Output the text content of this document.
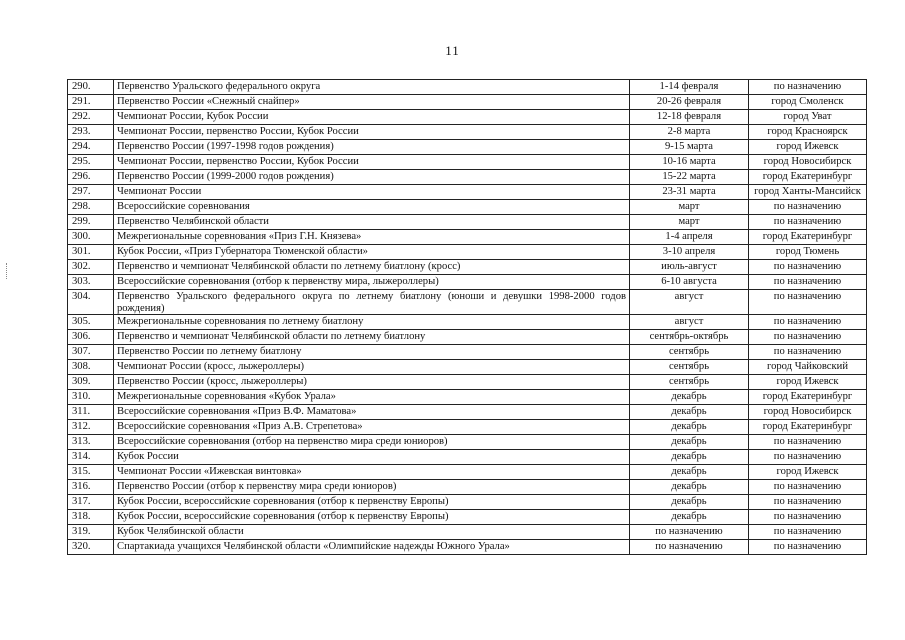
11
290.	Первенство Уральского федерального округа	1-14 февраля	по назначению
291.	Первенство России «Снежный снайпер»	20-26 февраля	город Смоленск
292.	Чемпионат России, Кубок России	12-18 февраля	город Уват
293.	Чемпионат России, первенство России, Кубок России	2-8 марта	город Красноярск
294.	Первенство России (1997-1998 годов рождения)	9-15 марта	город Ижевск
295.	Чемпионат России, первенство России, Кубок России	10-16 марта	город Новосибирск
296.	Первенство России (1999-2000 годов рождения)	15-22 марта	город Екатеринбург
297.	Чемпионат России	23-31 марта	город Ханты-Мансийск
298.	Всероссийские соревнования	март	по назначению
299.	Первенство Челябинской области	март	по назначению
300.	Межрегиональные соревнования «Приз Г.Н. Князева»	1-4 апреля	город Екатеринбург
301.	Кубок России, «Приз Губернатора Тюменской области»	3-10 апреля	город Тюмень
302.	Первенство и чемпионат Челябинской области по летнему биатлону (кросс)	июль-август	по назначению
303.	Всероссийские соревнования (отбор к первенству мира, лыжероллеры)	6-10 августа	по назначению
304.	Первенство Уральского федерального округа по летнему биатлону (юноши и девушки 1998-2000 годов рождения)	август	по назначению
305.	Межрегиональные соревнования по летнему биатлону	август	по назначению
306.	Первенство и чемпионат Челябинской области по летнему биатлону	сентябрь-октябрь	по назначению
307.	Первенство России по летнему биатлону	сентябрь	по назначению
308.	Чемпионат России (кросс, лыжероллеры)	сентябрь	город Чайковский
309.	Первенство России (кросс, лыжероллеры)	сентябрь	город Ижевск
310.	Межрегиональные соревнования «Кубок Урала»	декабрь	город Екатеринбург
311.	Всероссийские соревнования «Приз В.Ф. Маматова»	декабрь	город Новосибирск
312.	Всероссийские соревнования «Приз А.В. Стрепетова»	декабрь	город Екатеринбург
313.	Всероссийские соревнования (отбор на первенство мира среди юниоров)	декабрь	по назначению
314.	Кубок России	декабрь	по назначению
315.	Чемпионат России «Ижевская винтовка»	декабрь	город Ижевск
316.	Первенство России (отбор к первенству мира среди юниоров)	декабрь	по назначению
317.	Кубок России, всероссийские соревнования (отбор к первенству Европы)	декабрь	по назначению
318.	Кубок России, всероссийские соревнования (отбор к первенству Европы)	декабрь	по назначению
319.	Кубок Челябинской области	по назначению	по назначению
320.	Спартакиада учащихся Челябинской области «Олимпийские надежды Южного Урала»	по назначению	по назначению
